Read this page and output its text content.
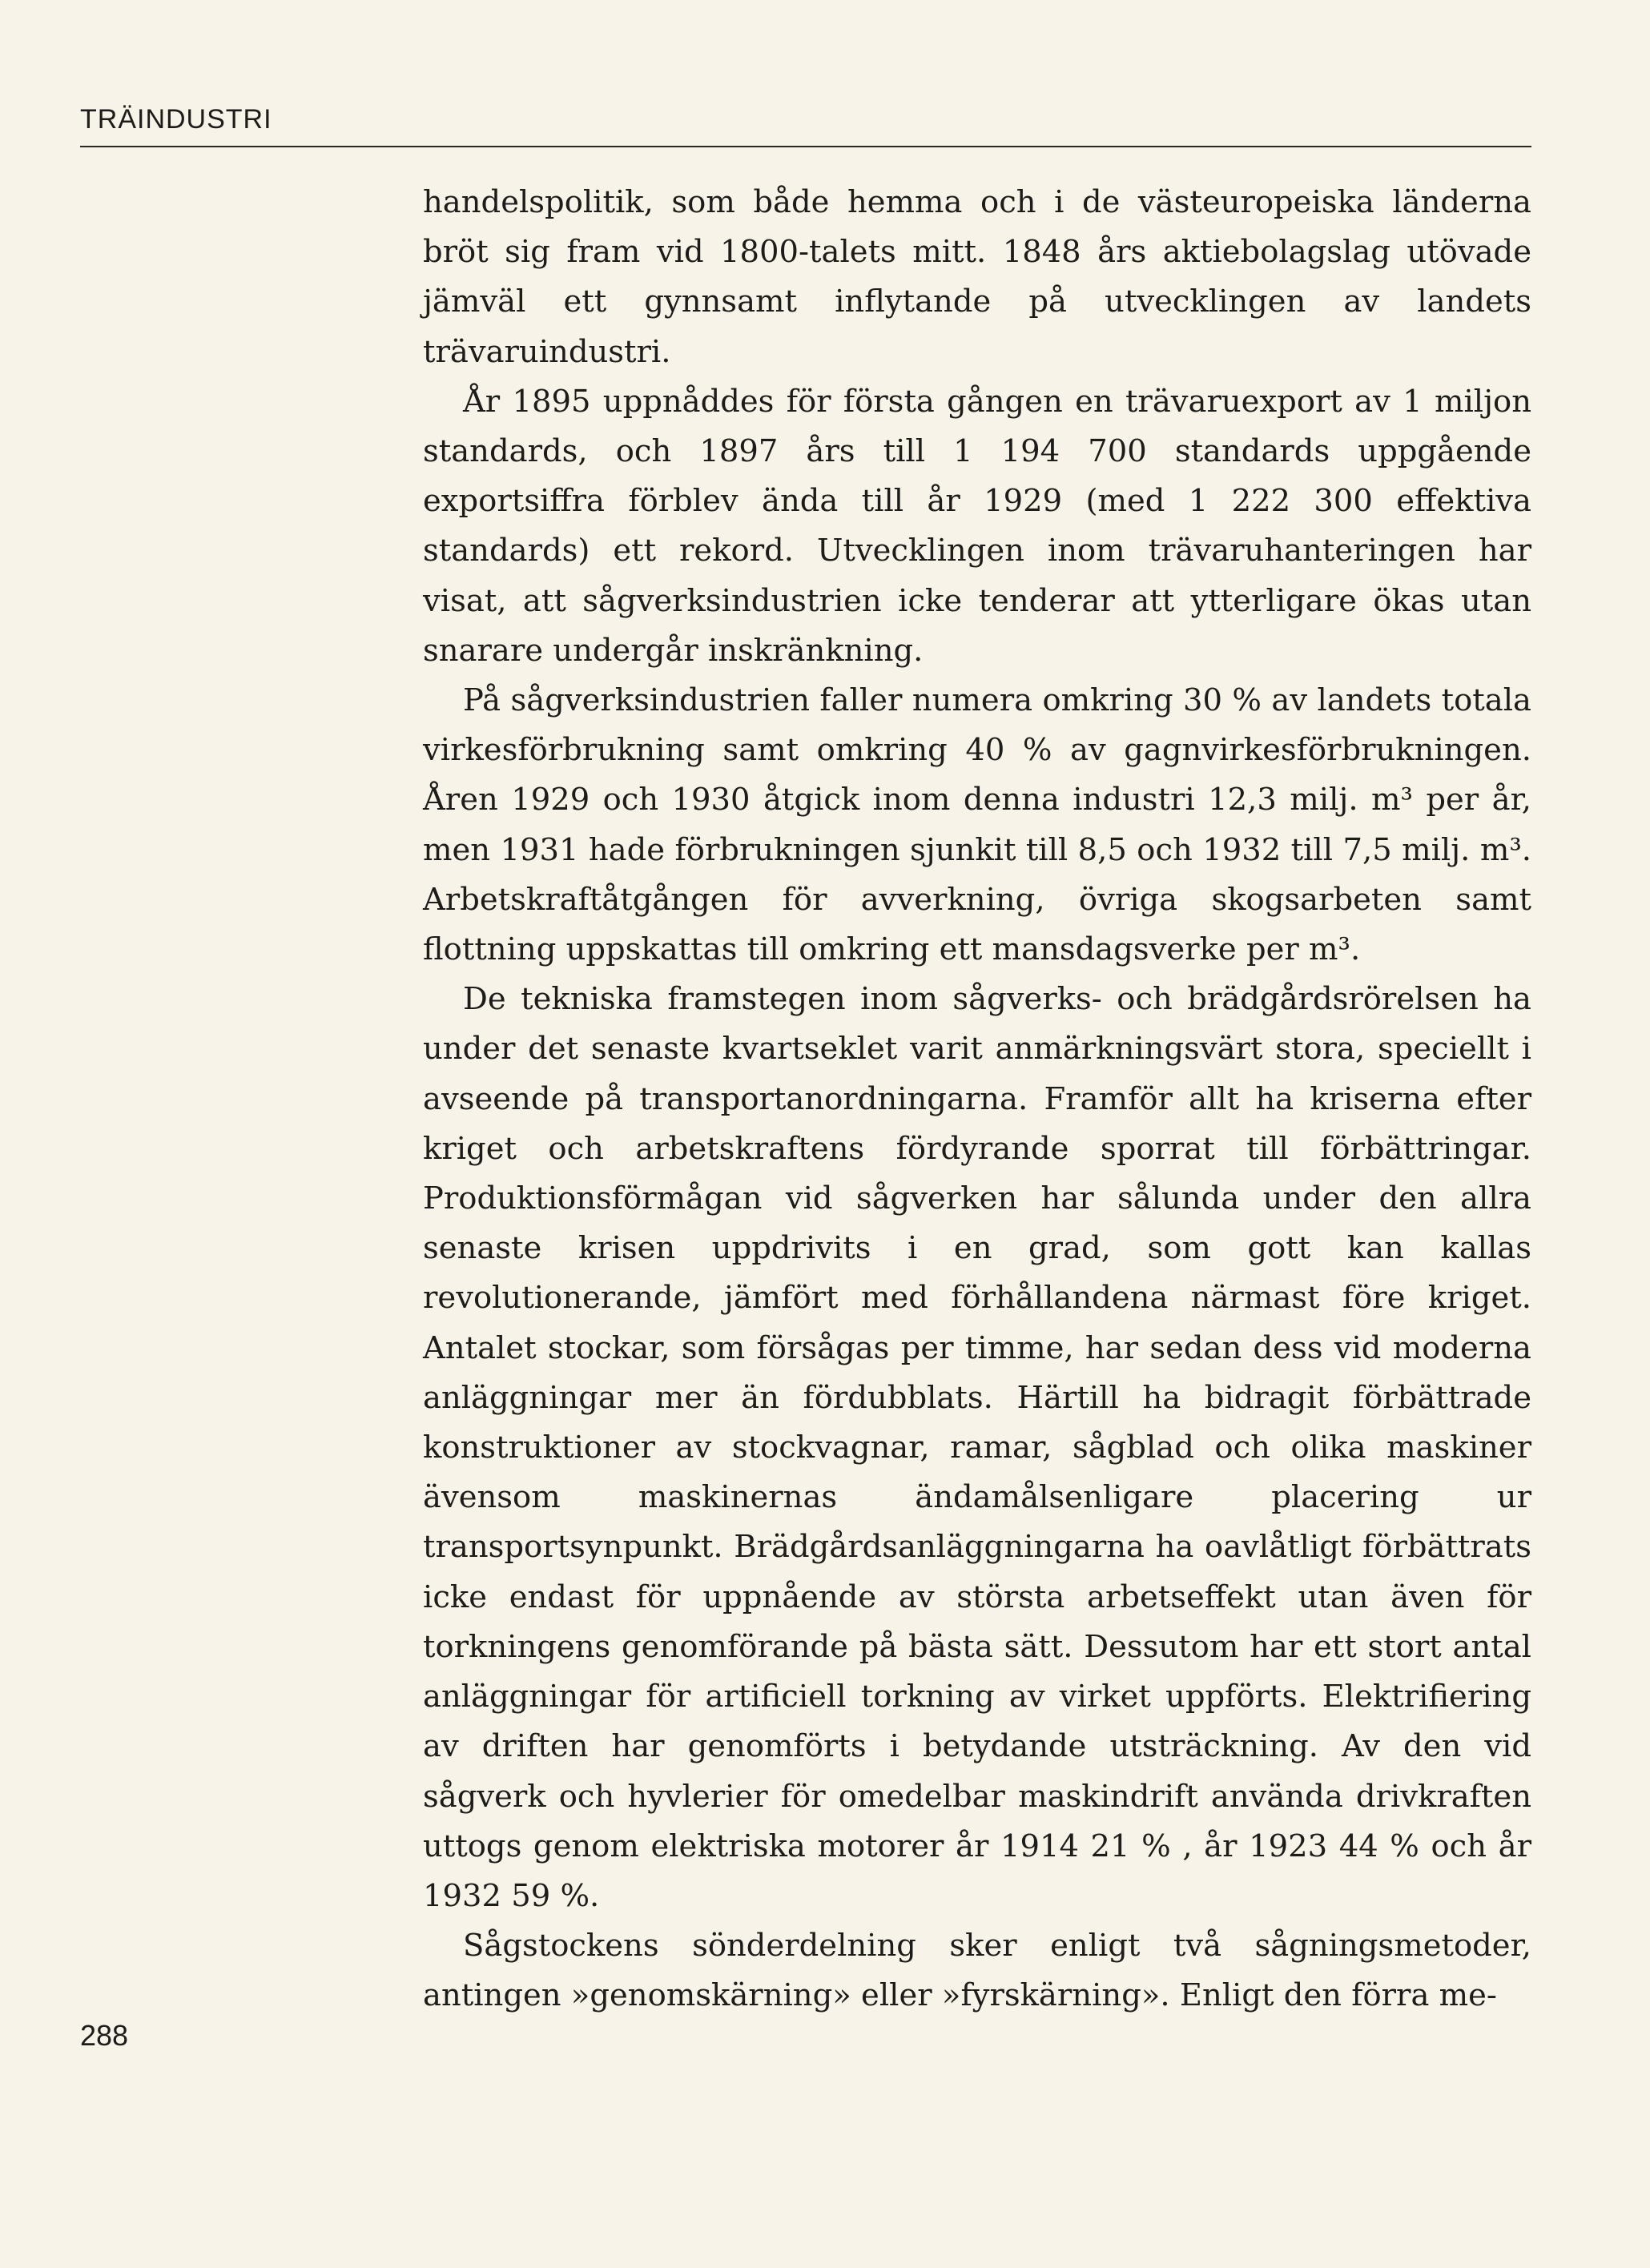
TRÄINDUSTRI

handelspolitik, som både hemma och i de västeuropeiska länderna bröt sig fram vid 1800-talets mitt. 1848 års aktiebolagslag utövade jämväl ett gynnsamt inflytande på utvecklingen av landets trävaruindustri.

År 1895 uppnåddes för första gången en trävaruexport av 1 miljon standards, och 1897 års till 1 194 700 standards uppgående exportsiffra förblev ända till år 1929 (med 1 222 300 effektiva standards) ett rekord. Utvecklingen inom trävaruhanteringen har visat, att sågverksindustrien icke tenderar att ytterligare ökas utan snarare undergår inskränkning.

På sågverksindustrien faller numera omkring 30 % av landets totala virkesförbrukning samt omkring 40 % av gagnvirkesförbrukningen. Åren 1929 och 1930 åtgick inom denna industri 12,3 milj. m³ per år, men 1931 hade förbrukningen sjunkit till 8,5 och 1932 till 7,5 milj. m³. Arbetskraftåtgången för avverkning, övriga skogsarbeten samt flottning uppskattas till omkring ett mansdagsverke per m³.

De tekniska framstegen inom sågverks- och brädgårdsrörelsen ha under det senaste kvartseklet varit anmärkningsvärt stora, speciellt i avseende på transportanordningarna. Framför allt ha kriserna efter kriget och arbetskraftens fördyrande sporrat till förbättringar. Produktionsförmågan vid sågverken har sålunda under den allra senaste krisen uppdrivits i en grad, som gott kan kallas revolutionerande, jämfört med förhållandena närmast före kriget. Antalet stockar, som försågas per timme, har sedan dess vid moderna anläggningar mer än fördubblats. Härtill ha bidragit förbättrade konstruktioner av stockvagnar, ramar, sågblad och olika maskiner ävensom maskinernas ändamålsenligare placering ur transportsynpunkt. Brädgårdsanläggningarna ha oavlåtligt förbättrats icke endast för uppnående av största arbetseffekt utan även för torkningens genomförande på bästa sätt. Dessutom har ett stort antal anläggningar för artificiell torkning av virket uppförts. Elektrifiering av driften har genomförts i betydande utsträckning. Av den vid sågverk och hyvlerier för omedelbar maskindrift använda drivkraften uttogs genom elektriska motorer år 1914 21 % , år 1923 44 % och år 1932 59 %.

Sågstockens sönderdelning sker enligt två sågningsmetoder, antingen »genomskärning» eller »fyrskärning». Enligt den förra me-

288
